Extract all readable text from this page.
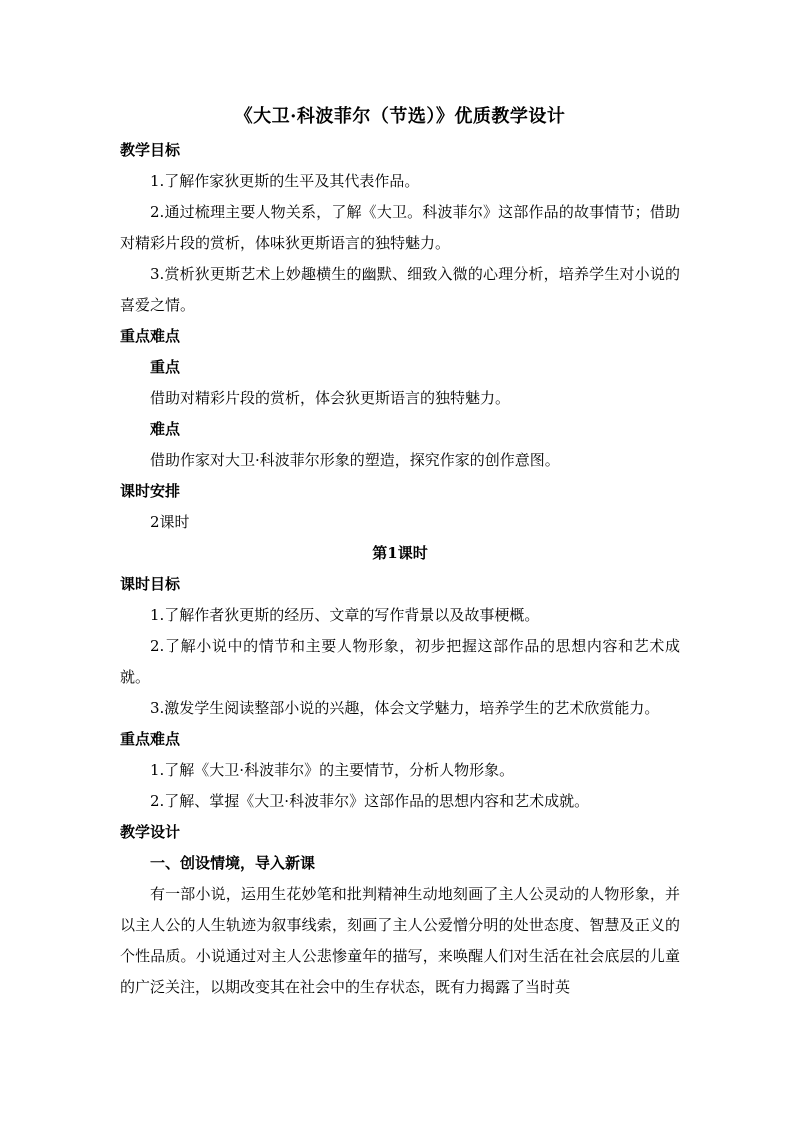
《大卫·科波菲尔（节选）》优质教学设计

教学目标

1.了解作家狄更斯的生平及其代表作品。

2.通过梳理主要人物关系，了解《大卫。科波菲尔》这部作品的故事情节；借助对精彩片段的赏析，体味狄更斯语言的独特魅力。

3.赏析狄更斯艺术上妙趣横生的幽默、细致入微的心理分析，培养学生对小说的喜爱之情。

重点难点

重点

借助对精彩片段的赏析，体会狄更斯语言的独特魅力。

难点

借助作家对大卫·科波菲尔形象的塑造，探究作家的创作意图。

课时安排

2课时

第1课时

课时目标

1.了解作者狄更斯的经历、文章的写作背景以及故事梗概。

2.了解小说中的情节和主要人物形象，初步把握这部作品的思想内容和艺术成就。

3.激发学生阅读整部小说的兴趣，体会文学魅力，培养学生的艺术欣赏能力。

重点难点

1.了解《大卫·科波菲尔》的主要情节，分析人物形象。

2.了解、掌握《大卫·科波菲尔》这部作品的思想内容和艺术成就。

教学设计

一、创设情境，导入新课

有一部小说，运用生花妙笔和批判精神生动地刻画了主人公灵动的人物形象，并以主人公的人生轨迹为叙事线索，刻画了主人公爱憎分明的处世态度、智慧及正义的个性品质。小说通过对主人公悲惨童年的描写，来唤醒人们对生活在社会底层的儿童的广泛关注，以期改变其在社会中的生存状态，既有力揭露了当时英
